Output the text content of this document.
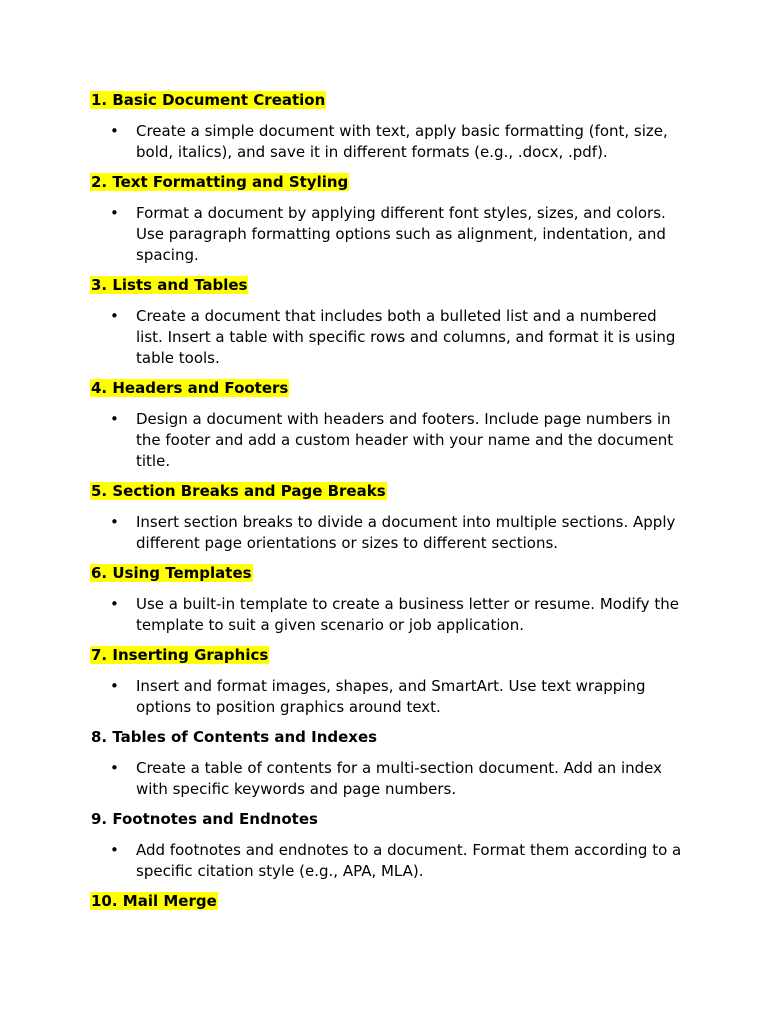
1. Basic Document Creation
• Create a simple document with text, apply basic formatting (font, size, bold, italics), and save it in different formats (e.g., .docx, .pdf).
2. Text Formatting and Styling
• Format a document by applying different font styles, sizes, and colors. Use paragraph formatting options such as alignment, indentation, and spacing.
3. Lists and Tables
• Create a document that includes both a bulleted list and a numbered list. Insert a table with specific rows and columns, and format it is using table tools.
4. Headers and Footers
• Design a document with headers and footers. Include page numbers in the footer and add a custom header with your name and the document title.
5. Section Breaks and Page Breaks
• Insert section breaks to divide a document into multiple sections. Apply different page orientations or sizes to different sections.
6. Using Templates
• Use a built-in template to create a business letter or resume. Modify the template to suit a given scenario or job application.
7. Inserting Graphics
• Insert and format images, shapes, and SmartArt. Use text wrapping options to position graphics around text.
8. Tables of Contents and Indexes
• Create a table of contents for a multi-section document. Add an index with specific keywords and page numbers.
9. Footnotes and Endnotes
• Add footnotes and endnotes to a document. Format them according to a specific citation style (e.g., APA, MLA).
10. Mail Merge
